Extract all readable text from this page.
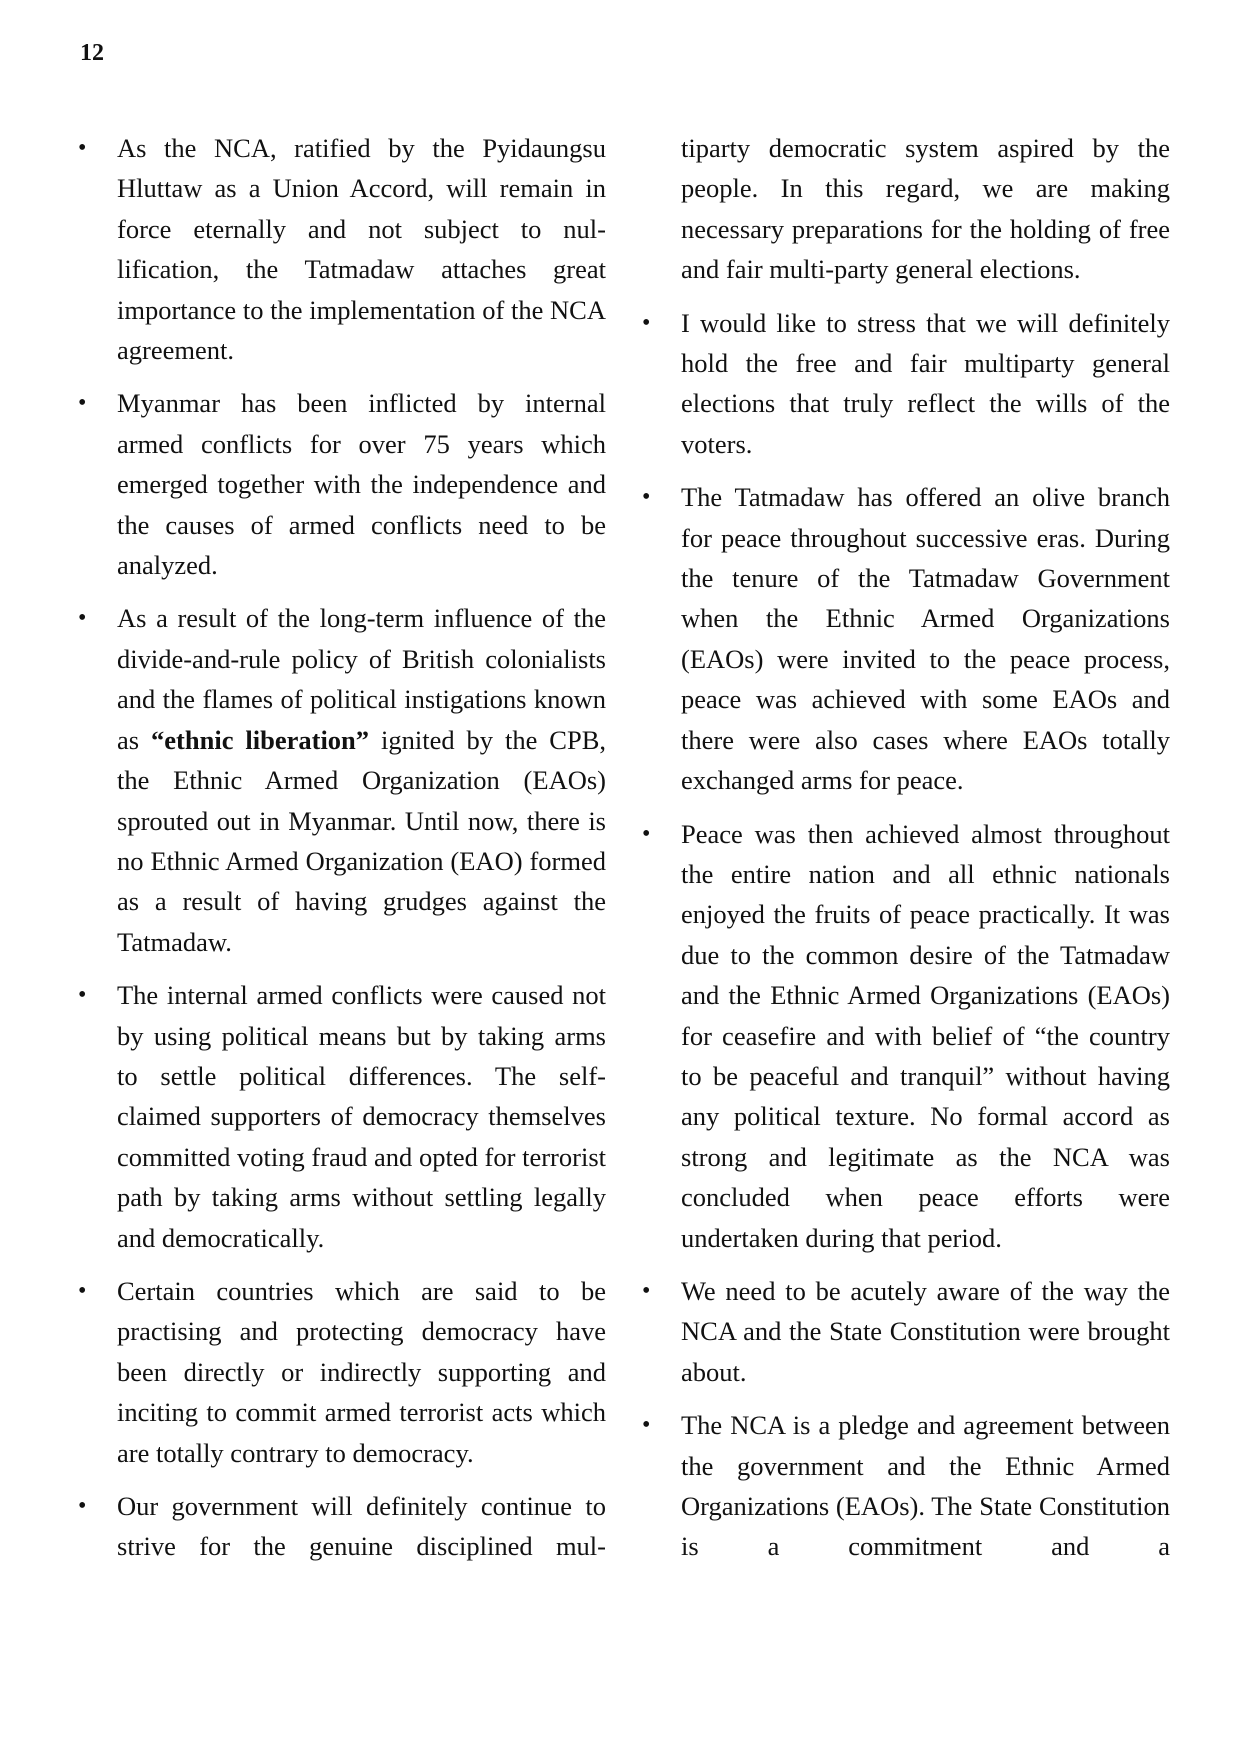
12
• As the NCA, ratified by the Pyidaungsu Hluttaw as a Union Accord, will remain in force eternally and not subject to nullification, the Tatmadaw attaches great importance to the implementation of the NCA agreement.
• Myanmar has been inflicted by internal armed conflicts for over 75 years which emerged together with the independence and the causes of armed conflicts need to be analyzed.
• As a result of the long-term influence of the divide-and-rule policy of British colonialists and the flames of political instigations known as “ethnic liberation” ignited by the CPB, the Ethnic Armed Organization (EAOs) sprouted out in Myanmar. Until now, there is no Ethnic Armed Organization (EAO) formed as a result of having grudges against the Tatmadaw.
• The internal armed conflicts were caused not by using political means but by taking arms to settle political differences. The self-claimed supporters of democracy themselves committed voting fraud and opted for terrorist path by taking arms without settling legally and democratically.
• Certain countries which are said to be practising and protecting democracy have been directly or indirectly supporting and inciting to commit armed terrorist acts which are totally contrary to democracy.
• Our government will definitely continue to strive for the genuine disciplined mul-
tiparty democratic system aspired by the people. In this regard, we are making necessary preparations for the holding of free and fair multi-party general elections.
• I would like to stress that we will definitely hold the free and fair multiparty general elections that truly reflect the wills of the voters.
• The Tatmadaw has offered an olive branch for peace throughout successive eras. During the tenure of the Tatmadaw Government when the Ethnic Armed Organizations (EAOs) were invited to the peace process, peace was achieved with some EAOs and there were also cases where EAOs totally exchanged arms for peace.
• Peace was then achieved almost throughout the entire nation and all ethnic nationals enjoyed the fruits of peace practically. It was due to the common desire of the Tatmadaw and the Ethnic Armed Organizations (EAOs) for ceasefire and with belief of “the country to be peaceful and tranquil” without having any political texture. No formal accord as strong and legitimate as the NCA was concluded when peace efforts were undertaken during that period.
• We need to be acutely aware of the way the NCA and the State Constitution were brought about.
• The NCA is a pledge and agreement between the government and the Ethnic Armed Organizations (EAOs). The State Constitution is a commitment and a
